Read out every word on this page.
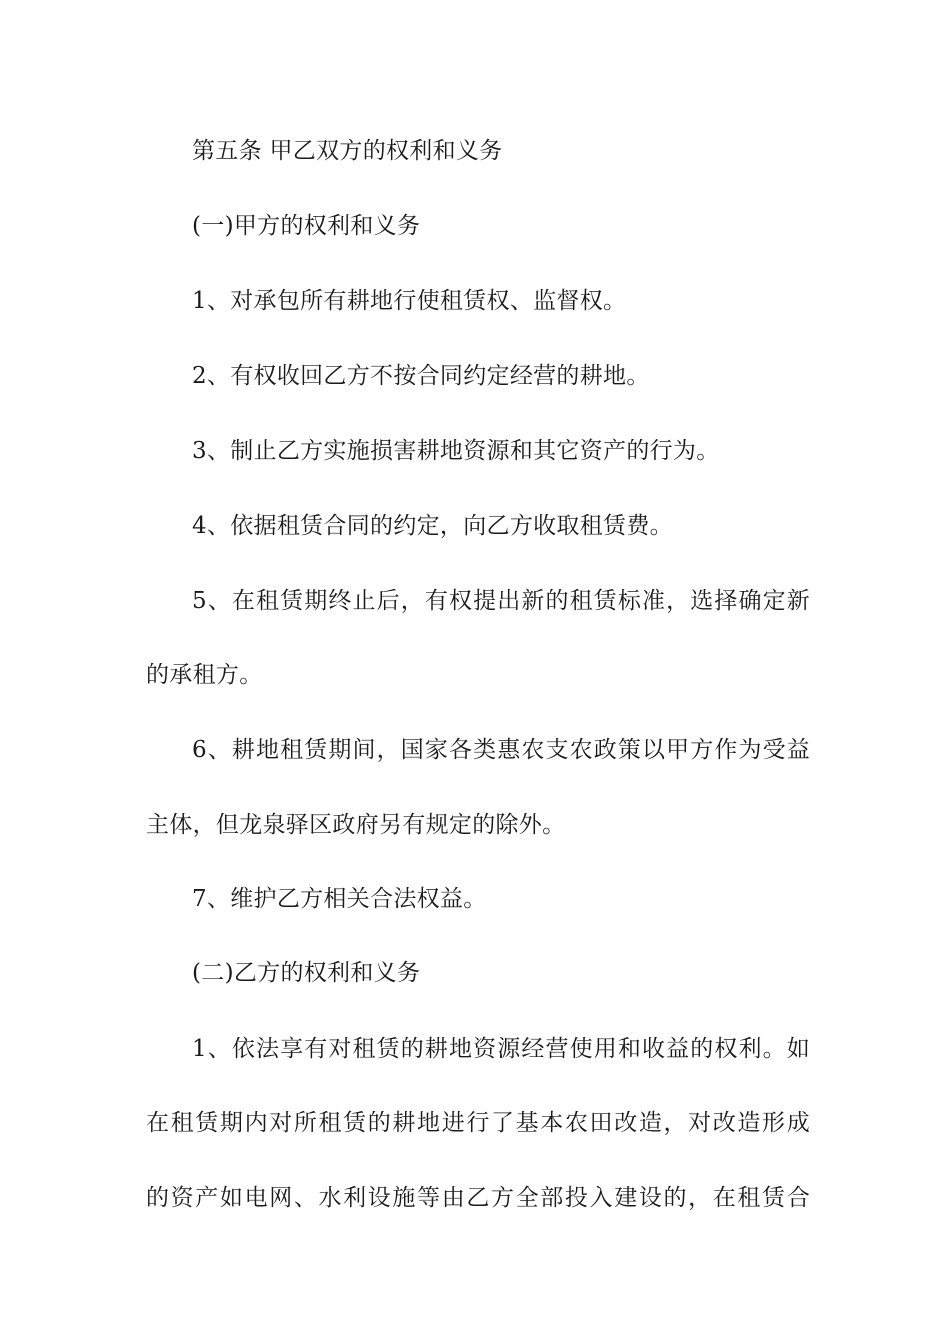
第五条 甲乙双方的权利和义务
(一)甲方的权利和义务
1、对承包所有耕地行使租赁权、监督权。
2、有权收回乙方不按合同约定经营的耕地。
3、制止乙方实施损害耕地资源和其它资产的行为。
4、依据租赁合同的约定，向乙方收取租赁费。
5、在租赁期终止后，有权提出新的租赁标准，选择确定新
的承租方。
6、耕地租赁期间，国家各类惠农支农政策以甲方作为受益
主体，但龙泉驿区政府另有规定的除外。
7、维护乙方相关合法权益。
(二)乙方的权利和义务
1、依法享有对租赁的耕地资源经营使用和收益的权利。如
在租赁期内对所租赁的耕地进行了基本农田改造，对改造形成
的资产如电网、水利设施等由乙方全部投入建设的，在租赁合
